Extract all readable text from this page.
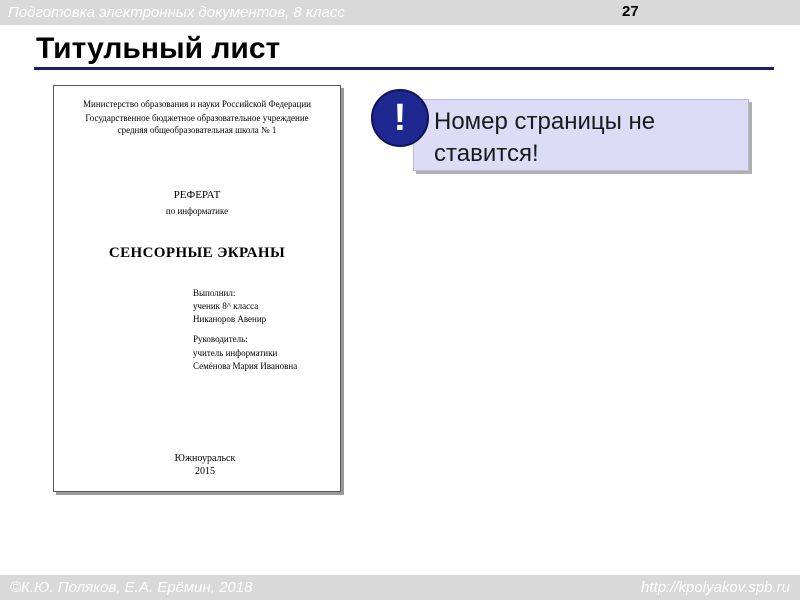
Подготовка электронных документов, 8 класс	27
Титульный лист
Министерство образования и науки Российской Федерации
Государственное бюджетное образовательное учреждение
средняя общеобразовательная школа № 1
РЕФЕРАТ
по информатике
СЕНСОРНЫЕ ЭКРАНЫ
Выполнил:
ученик 8^ класса
Никаноров Авенир
Руководитель:
учитель информатики
Семёнова Мария Ивановна
Южноуральск
2015
Номер страницы не ставится!
!
©К.Ю. Поляков, Е.А. Ерёмин, 2018	http://kpolyakov.spb.ru
